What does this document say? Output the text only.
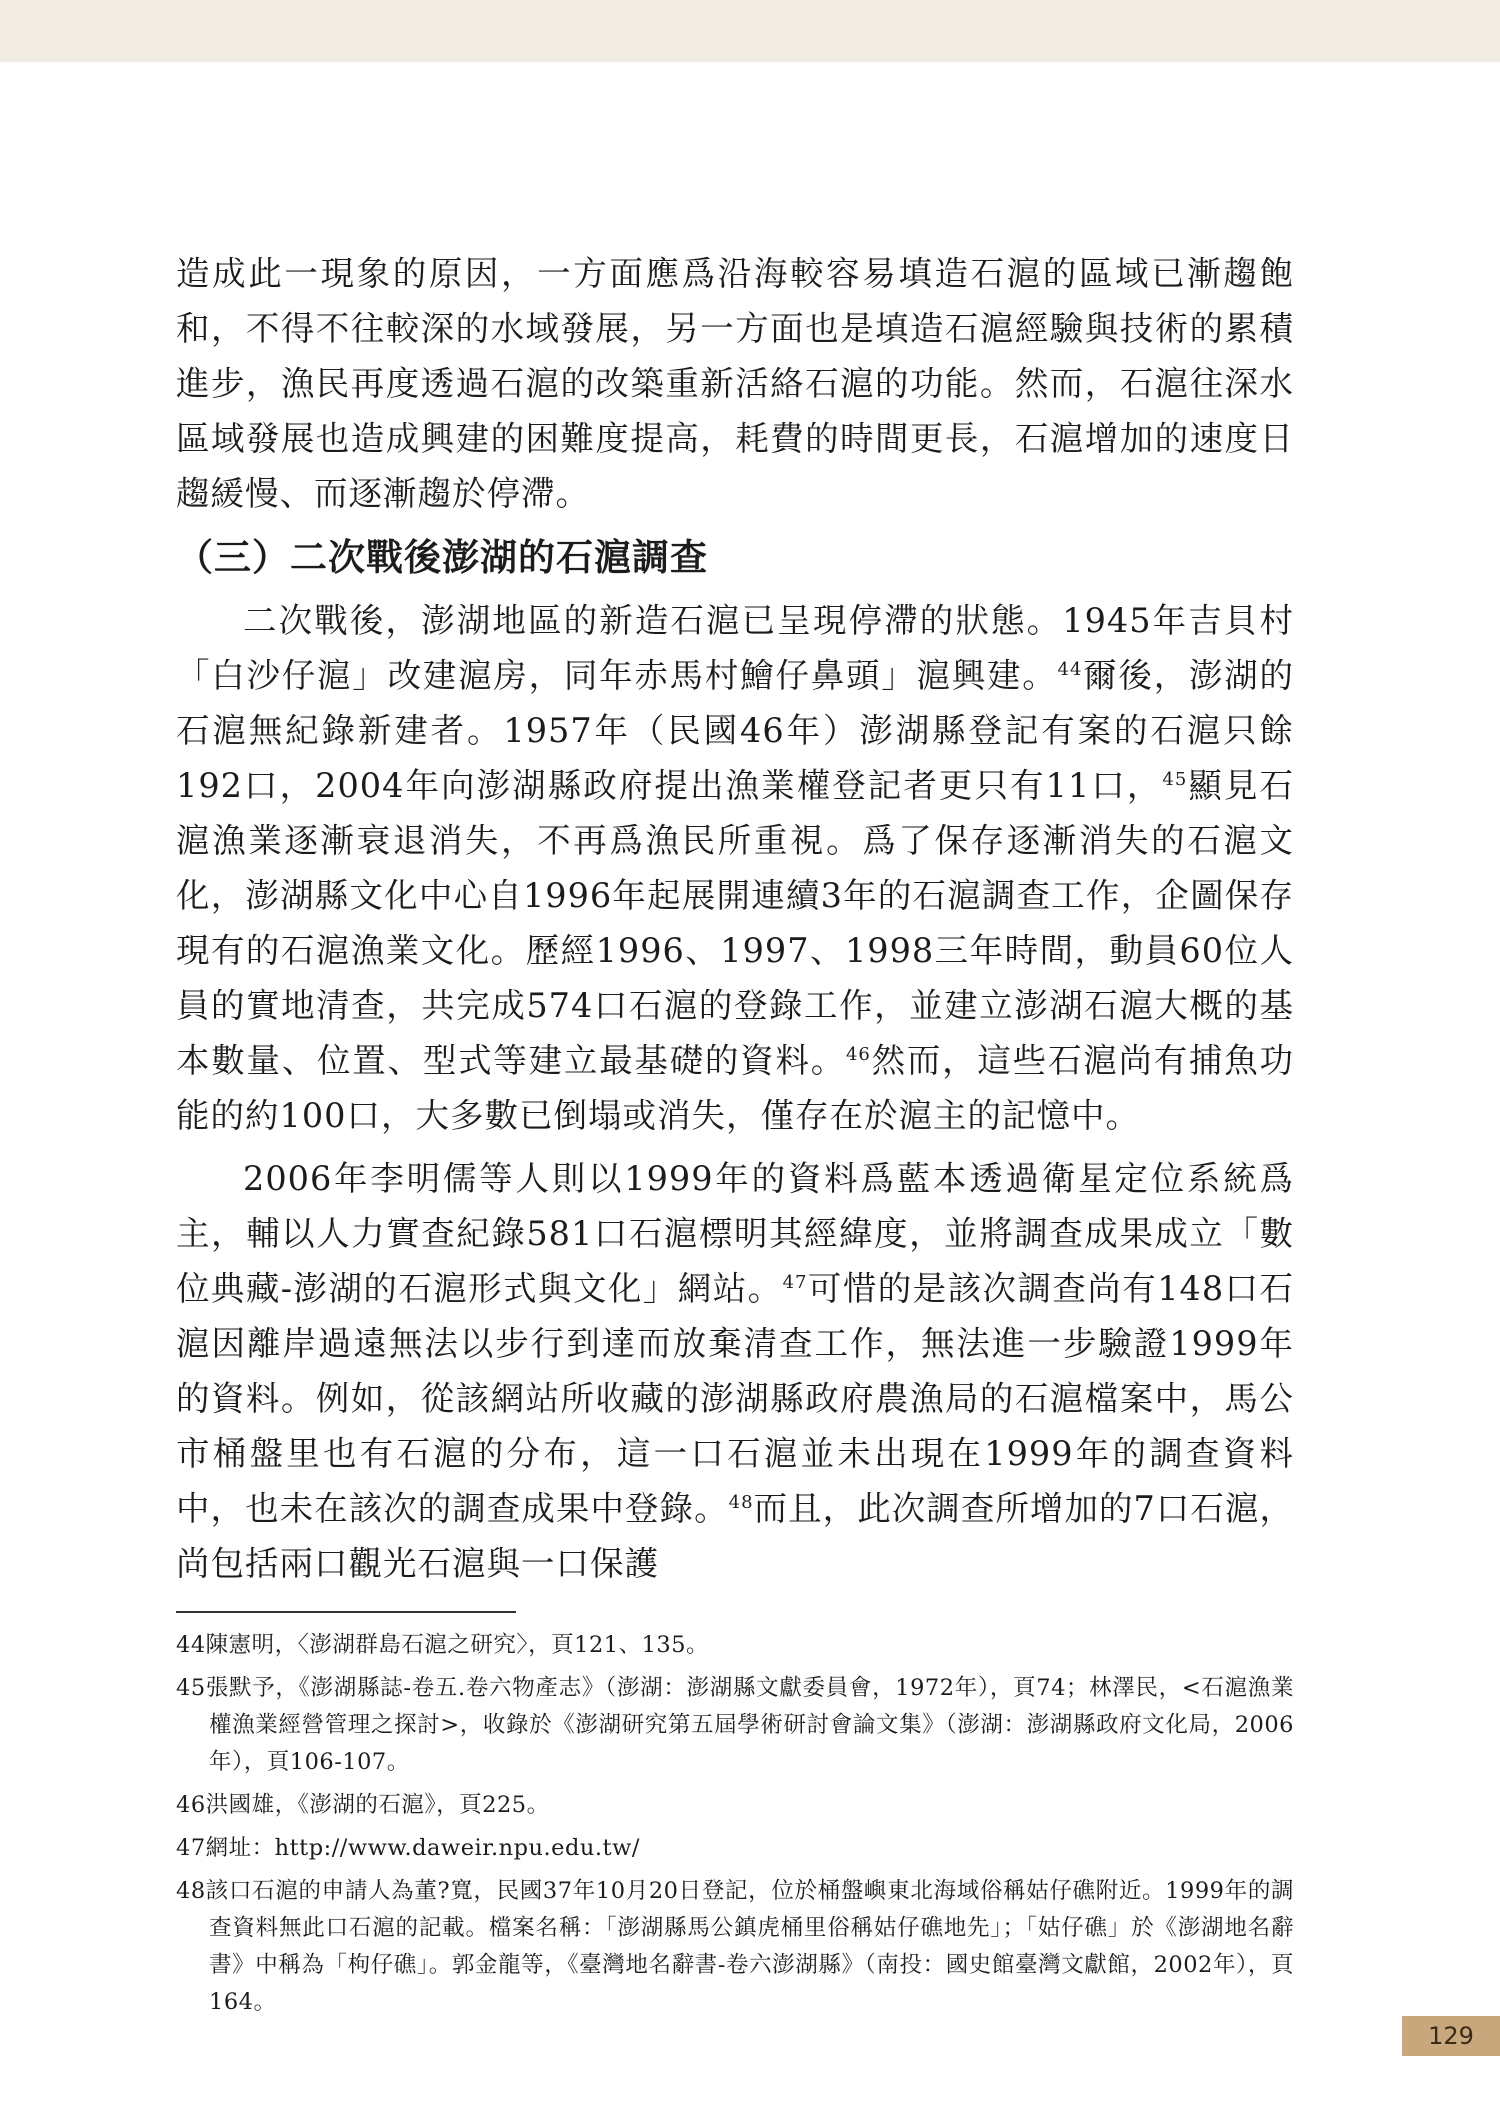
造成此一現象的原因，一方面應爲沿海較容易填造石滬的區域已漸趨飽和，不得不往較深的水域發展，另一方面也是填造石滬經驗與技術的累積進步，漁民再度透過石滬的改築重新活絡石滬的功能。然而，石滬往深水區域發展也造成興建的困難度提高，耗費的時間更長，石滬增加的速度日趨緩慢、而逐漸趨於停滯。

（三）二次戰後澎湖的石滬調查

二次戰後，澎湖地區的新造石滬已呈現停滯的狀態。1945年吉貝村「白沙仔滬」改建滬房，同年赤馬村鱠仔鼻頭」滬興建。$^{44}$爾後，澎湖的石滬無紀錄新建者。1957年（民國46年）澎湖縣登記有案的石滬只餘192口，2004年向澎湖縣政府提出漁業權登記者更只有11口，$^{45}$顯見石滬漁業逐漸衰退消失，不再爲漁民所重視。爲了保存逐漸消失的石滬文化，澎湖縣文化中心自1996年起展開連續3年的石滬調查工作，企圖保存現有的石滬漁業文化。歷經1996、1997、1998三年時間，動員60位人員的實地清查，共完成574口石滬的登錄工作，並建立澎湖石滬大概的基本數量、位置、型式等建立最基礎的資料。$^{46}$然而，這些石滬尚有捕魚功能的約100口，大多數已倒塌或消失，僅存在於滬主的記憶中。

2006年李明儒等人則以1999年的資料爲藍本透過衛星定位系統爲主，輔以人力實查紀錄581口石滬標明其經緯度，並將調查成果成立「數位典藏-澎湖的石滬形式與文化」網站。$^{47}$可惜的是該次調查尚有148口石滬因離岸過遠無法以步行到達而放棄清查工作，無法進一步驗證1999年的資料。例如，從該網站所收藏的澎湖縣政府農漁局的石滬檔案中，馬公市桶盤里也有石滬的分布，這一口石滬並未出現在1999年的調查資料中，也未在該次的調查成果中登錄。$^{48}$而且，此次調查所增加的7口石滬，尚包括兩口觀光石滬與一口保護

44陳憲明，〈澎湖群島石滬之研究〉，頁121、135。

45張默予，《澎湖縣誌-卷五.卷六物產志》（澎湖：澎湖縣文獻委員會，1972年），頁74；林澤民，<石滬漁業權漁業經營管理之探討>，收錄於《澎湖研究第五屆學術研討會論文集》（澎湖：澎湖縣政府文化局，2006年），頁106-107。

46洪國雄，《澎湖的石滬》，頁225。

47網址：http://www.daweir.npu.edu.tw/

48該口石滬的申請人為董?寬，民國37年10月20日登記，位於桶盤嶼東北海域俗稱姑仔礁附近。1999年的調查資料無此口石滬的記載。檔案名稱：「澎湖縣馬公鎮虎桶里俗稱姑仔礁地先」；「姑仔礁」於《澎湖地名辭書》中稱為「枸仔礁」。郭金龍等，《臺灣地名辭書-卷六澎湖縣》（南投：國史館臺灣文獻館，2002年），頁164。

129
